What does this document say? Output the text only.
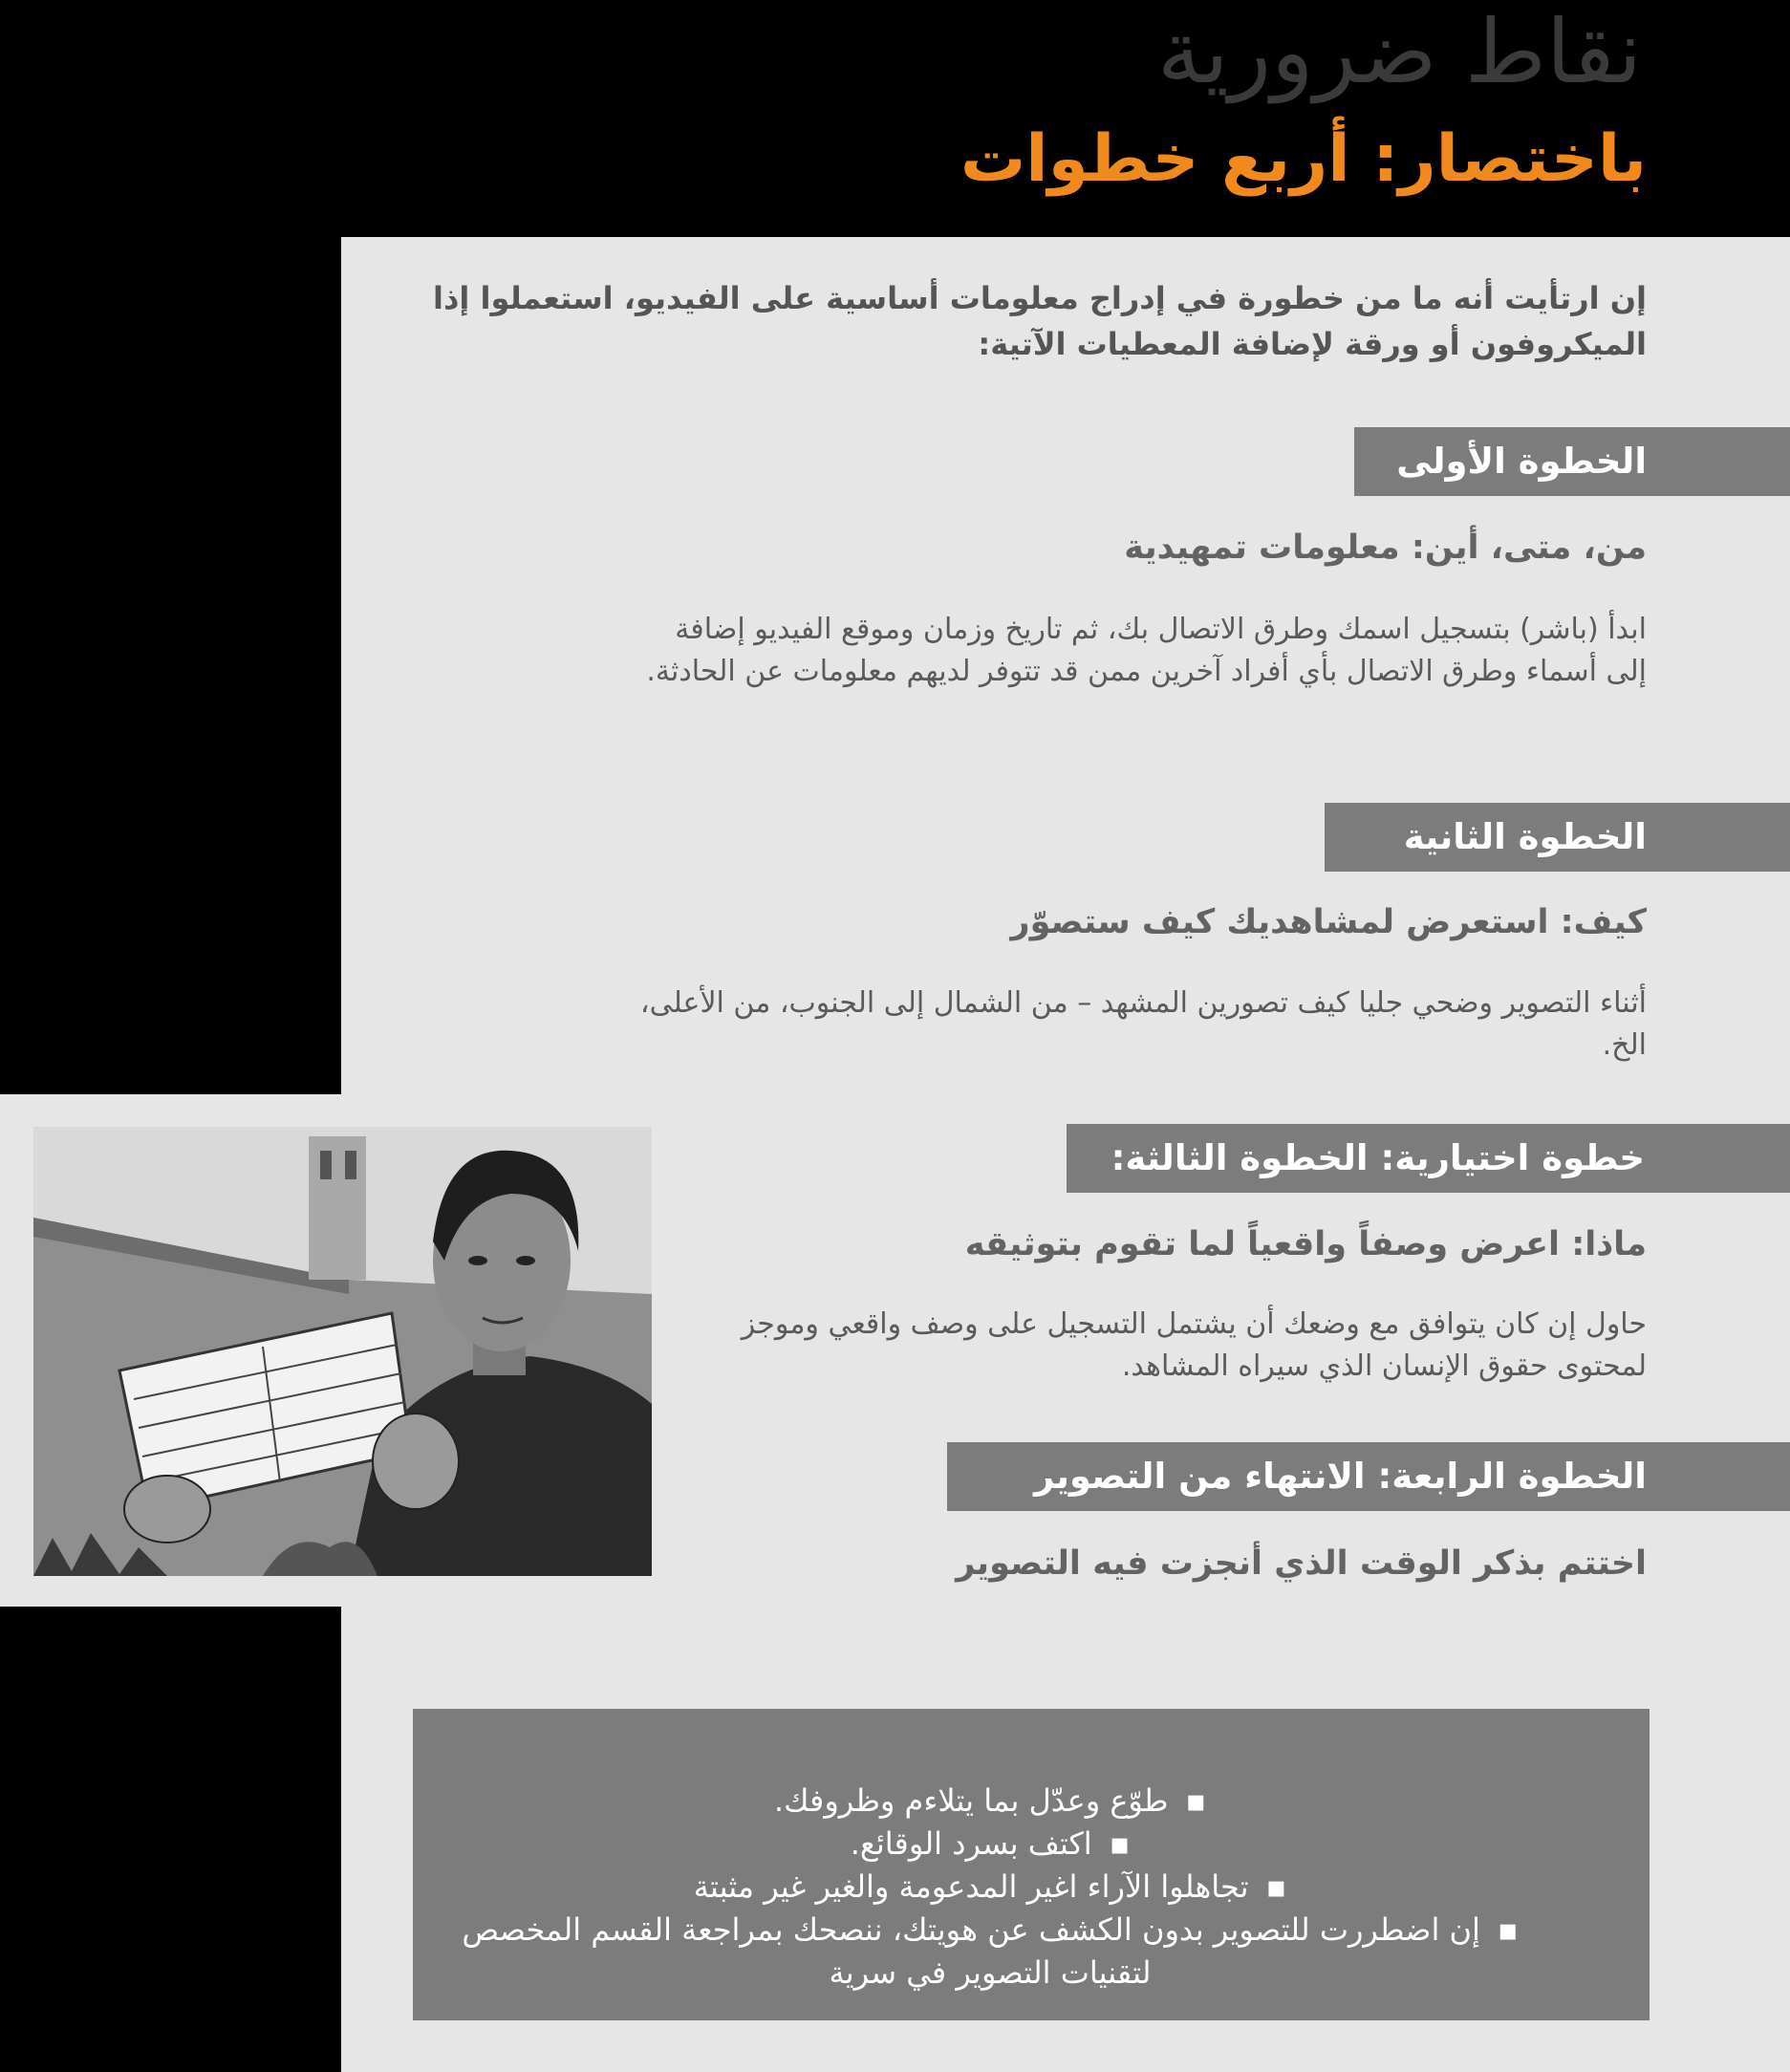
نقاط ضرورية
باختصار: أربع خطوات
إن ارتأيت أنه ما من خطورة في إدراج معلومات أساسية على الفيديو، استعملوا إذا الميكروفون أو ورقة لإضافة المعطيات الآتية:
الخطوة الأولى
من، متى، أين: معلومات تمهيدية
ابدأ (باشر) بتسجيل اسمك وطرق الاتصال بك، ثم تاريخ وزمان وموقع الفيديو إضافة إلى أسماء وطرق الاتصال بأي أفراد آخرين ممن قد تتوفر لديهم معلومات عن الحادثة.
الخطوة الثانية
كيف: استعرض لمشاهديك كيف ستصوّر
أثناء التصوير وضحي جليا كيف تصورين المشهد – من الشمال إلى الجنوب، من الأعلى، الخ.
خطوة اختيارية: الخطوة الثالثة:
ماذا: اعرض وصفاً واقعياً لما تقوم بتوثيقه
حاول إن كان يتوافق مع وضعك أن يشتمل التسجيل على وصف واقعي وموجز لمحتوى حقوق الإنسان الذي سيراه المشاهد.
الخطوة الرابعة: الانتهاء من التصوير
اختتم بذكر الوقت الذي أنجزت فيه التصوير
▪طوّع وعدّل بما يتلاءم وظروفك.
▪اكتف بسرد الوقائع.
▪تجاهلوا الآراء اغير المدعومة والغير غير مثبتة
▪إن اضطررت للتصوير بدون الكشف عن هويتك، ننصحك بمراجعة القسم المخصص لتقنيات التصوير في سرية
